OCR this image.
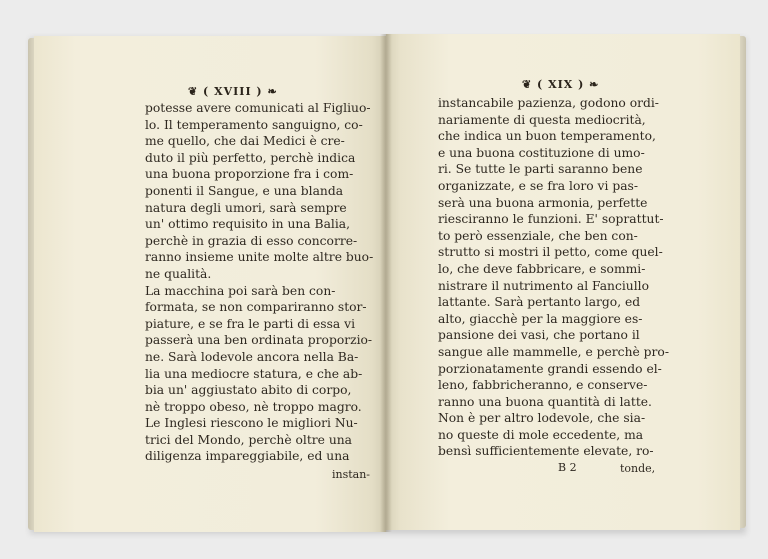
❦ ( XVIII ) ❧
potesse avere comunicati al Figliuo-
lo. Il temperamento sanguigno, co-
me quello, che dai Medici è cre-
duto il più perfetto, perchè indica
una buona proporzione fra i com-
ponenti il Sangue, e una blanda
natura degli umori, sarà sempre
un' ottimo requisito in una Balia,
perchè in grazia di esso concorre-
ranno insieme unite molte altre buo-
ne qualità.
La macchina poi sarà ben con-
formata, se non compariranno stor-
piature, e se fra le parti di essa vi
passerà una ben ordinata proporzio-
ne. Sarà lodevole ancora nella Ba-
lia una mediocre statura, e che ab-
bia un' aggiustato abito di corpo,
nè troppo obeso, nè troppo magro.
Le Inglesi riescono le migliori Nu-
trici del Mondo, perchè oltre una
diligenza impareggiabile, ed una
instan-
❦ ( XIX ) ❧
instancabile pazienza, godono ordi-
nariamente di questa mediocrità,
che indica un buon temperamento,
e una buona costituzione di umo-
ri. Se tutte le parti saranno bene
organizzate, e se fra loro vi pas-
serà una buona armonia, perfette
riesciranno le funzioni. E' soprattut-
to però essenziale, che ben con-
strutto si mostri il petto, come quel-
lo, che deve fabbricare, e sommi-
nistrare il nutrimento al Fanciullo
lattante. Sarà pertanto largo, ed
alto, giacchè per la maggiore es-
pansione dei vasi, che portano il
sangue alle mammelle, e perchè pro-
porzionatamente grandi essendo el-
leno, fabbricheranno, e conserve-
ranno una buona quantità di latte.
Non è per altro lodevole, che sia-
no queste di mole eccedente, ma
bensì sufficientemente elevate, ro-
B 2	tonde,
